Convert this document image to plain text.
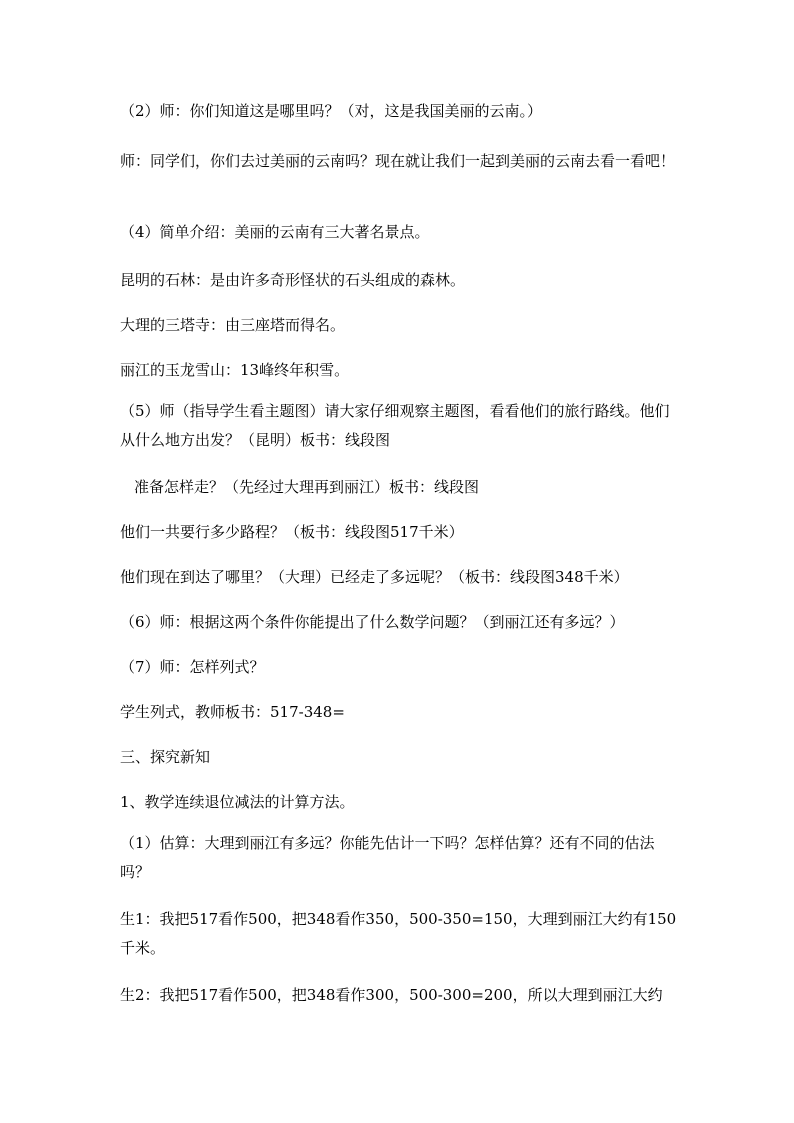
（2）师：你们知道这是哪里吗？（对，这是我国美丽的云南。）

师：同学们，你们去过美丽的云南吗？现在就让我们一起到美丽的云南去看一看吧！

（4）简单介绍：美丽的云南有三大著名景点。

昆明的石林：是由许多奇形怪状的石头组成的森林。

大理的三塔寺：由三座塔而得名。

丽江的玉龙雪山：13峰终年积雪。

（5）师（指导学生看主题图）请大家仔细观察主题图，看看他们的旅行路线。他们从什么地方出发？（昆明）板书：线段图

准备怎样走？（先经过大理再到丽江）板书：线段图

他们一共要行多少路程？（板书：线段图517千米）

他们现在到达了哪里？（大理）已经走了多远呢？（板书：线段图348千米）

（6）师：根据这两个条件你能提出了什么数学问题？（到丽江还有多远？）

（7）师：怎样列式？

学生列式，教师板书：517-348=

三、探究新知

1、教学连续退位减法的计算方法。

（1）估算：大理到丽江有多远？你能先估计一下吗？怎样估算？还有不同的估法吗？

生1：我把517看作500，把348看作350，500-350=150，大理到丽江大约有150千米。

生2：我把517看作500，把348看作300，500-300=200，所以大理到丽江大约
